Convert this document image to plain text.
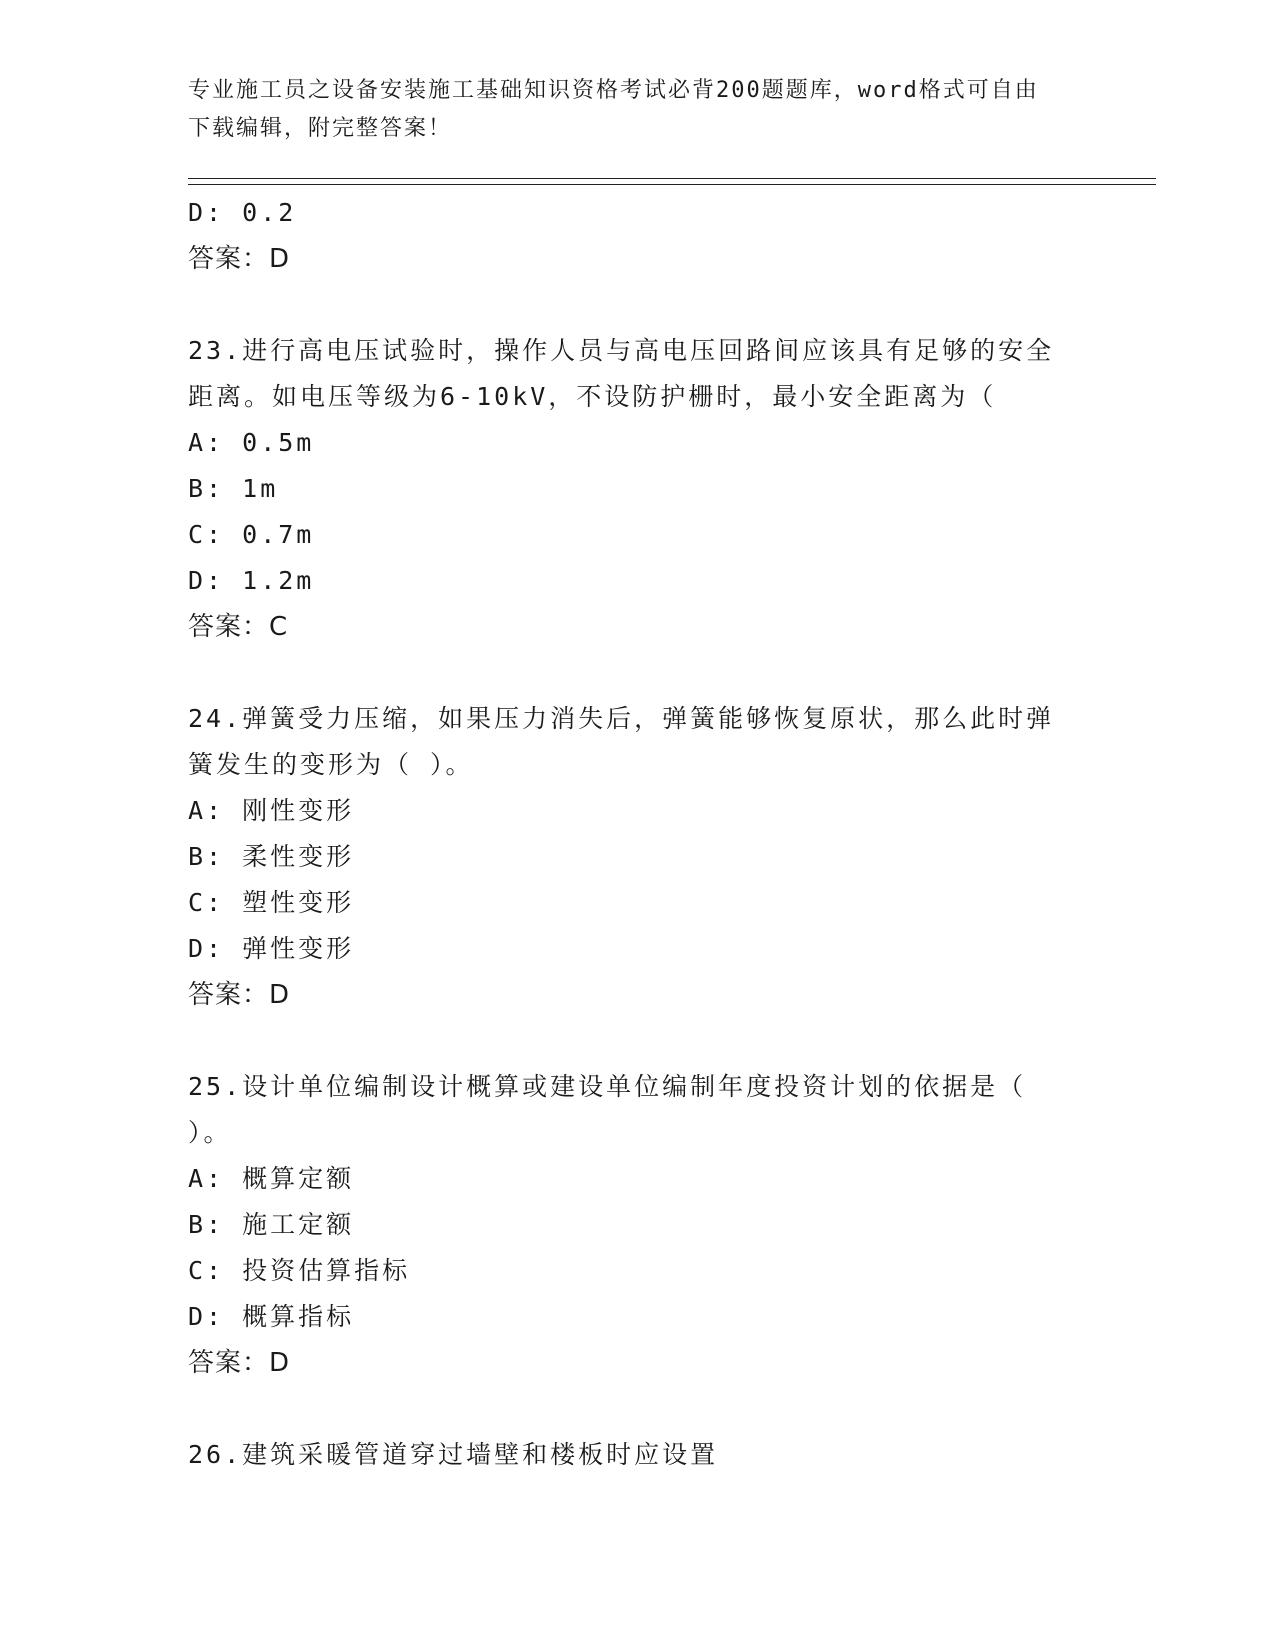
专业施工员之设备安装施工基础知识资格考试必背200题题库，word格式可自由
下载编辑，附完整答案！
D: 0.2
答案：D
23.进行高电压试验时，操作人员与高电压回路间应该具有足够的安全
距离。如电压等级为6-10kV，不设防护栅时，最小安全距离为（
A: 0.5m
B: 1m
C: 0.7m
D: 1.2m
答案：C
24.弹簧受力压缩，如果压力消失后，弹簧能够恢复原状，那么此时弹
簧发生的变形为（ ）。
A: 刚性变形
B: 柔性变形
C: 塑性变形
D: 弹性变形
答案：D
25.设计单位编制设计概算或建设单位编制年度投资计划的依据是（
）。
A: 概算定额
B: 施工定额
C: 投资估算指标
D: 概算指标
答案：D
26.建筑采暖管道穿过墙壁和楼板时应设置
